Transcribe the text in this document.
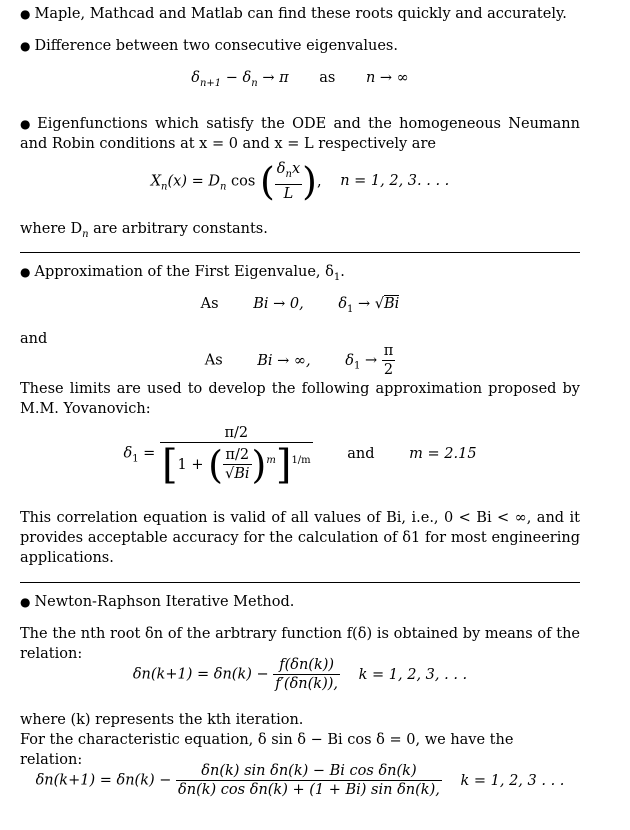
● Maple, Mathcad and Matlab can find these roots quickly and accurately.
● Difference between two consecutive eigenvalues.
$\delta_{n+1} - \delta_n \to \pi$ as n → ∞
● Eigenfunctions which satisfy the ODE and the homogeneous Neumann and Robin conditions at x = 0 and x = L respectively are
$X_n(x) = D_n$ cos ( $\frac{\delta_nx}{L}$ ), n = 1, 2, 3. . . .
where $D_n$ are arbitrary constants.
● Approximation of the First Eigenvalue, $\delta_1$.
As Bi → 0, $\delta_1 \to √Bi$
and
As Bi → ∞, $\delta_1 \to \frac{\pi}{2}$
These limits are used to develop the following approximation proposed by M.M. Yovanovich:
$\delta_1 = \frac{\pi/2}{[1 + ( \frac{\pi/2}{√Bi} )^m]^{1/m}}$ and m = 2.15
This correlation equation is valid of all values of Bi, i.e., 0 < Bi < ∞, and it provides acceptable accuracy for the calculation of δ1 for most engineering applications.
● Newton-Raphson Iterative Method.
The the nth root δn of the arbtrary function f(δ) is obtained by means of the relation:
$\delta n(k+1) = \delta n(k) - \frac{f(\delta n(k))}{f'(\delta n(k)),}$ k = 1, 2, 3, . . .
where (k) represents the kth iteration.
For the characteristic equation, δ sin δ − Bi cos δ = 0, we have the relation:
$\delta n(k+1) = \delta n(k) - \frac{\text{δn(k) sin δn(k) − Bi cos δn(k)}}{\text{δn(k) cos δn(k) + (1 + Bi) sin δn(k),}}$ k = 1, 2, 3 . . .
